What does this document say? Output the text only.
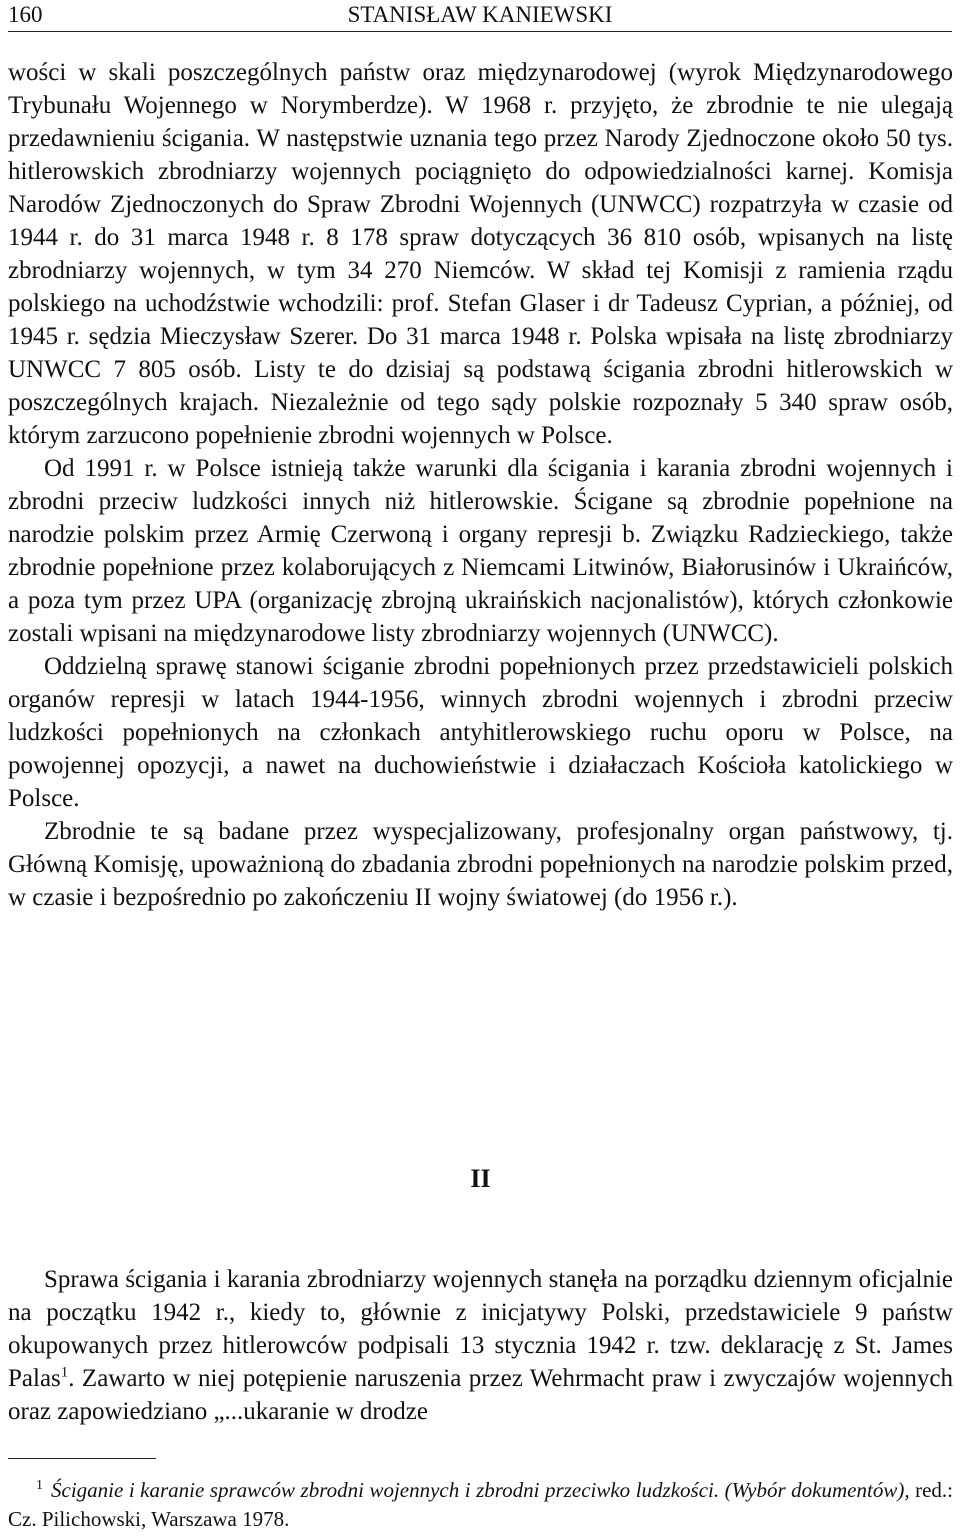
160	STANISŁAW KANIEWSKI

wości w skali poszczególnych państw oraz międzynarodowej (wyrok Międzynarodowego Trybunału Wojennego w Norymberdze). W 1968 r. przyjęto, że zbrodnie te nie ulegają przedawnieniu ścigania. W następstwie uznania tego przez Narody Zjednoczone około 50 tys. hitlerowskich zbrodniarzy wojennych pociągnięto do odpowiedzialności karnej. Komisja Narodów Zjednoczonych do Spraw Zbrodni Wojennych (UNWCC) rozpatrzyła w czasie od 1944 r. do 31 marca 1948 r. 8 178 spraw dotyczących 36 810 osób, wpisanych na listę zbrodniarzy wojennych, w tym 34 270 Niemców. W skład tej Komisji z ramienia rządu polskiego na uchodźstwie wchodzili: prof. Stefan Glaser i dr Tadeusz Cyprian, a później, od 1945 r. sędzia Mieczysław Szerer. Do 31 marca 1948 r. Polska wpisała na listę zbrodniarzy UNWCC 7 805 osób. Listy te do dzisiaj są podstawą ścigania zbrodni hitlerowskich w poszczególnych krajach. Niezależnie od tego sądy polskie rozpoznały 5 340 spraw osób, którym zarzucono popełnienie zbrodni wojennych w Polsce.

Od 1991 r. w Polsce istnieją także warunki dla ścigania i karania zbrodni wojennych i zbrodni przeciw ludzkości innych niż hitlerowskie. Ścigane są zbrodnie popełnione na narodzie polskim przez Armię Czerwoną i organy represji b. Związku Radzieckiego, także zbrodnie popełnione przez kolaborujących z Niemcami Litwinów, Białorusinów i Ukraińców, a poza tym przez UPA (organizację zbrojną ukraińskich nacjonalistów), których członkowie zostali wpisani na międzynarodowe listy zbrodniarzy wojennych (UNWCC).

Oddzielną sprawę stanowi ściganie zbrodni popełnionych przez przedstawicieli polskich organów represji w latach 1944-1956, winnych zbrodni wojennych i zbrodni przeciw ludzkości popełnionych na członkach antyhitlerowskiego ruchu oporu w Polsce, na powojennej opozycji, a nawet na duchowieństwie i działaczach Kościoła katolickiego w Polsce.

Zbrodnie te są badane przez wyspecjalizowany, profesjonalny organ państwowy, tj. Główną Komisję, upoważnioną do zbadania zbrodni popełnionych na narodzie polskim przed, w czasie i bezpośrednio po zakończeniu II wojny światowej (do 1956 r.).

II

Sprawa ścigania i karania zbrodniarzy wojennych stanęła na porządku dziennym oficjalnie na początku 1942 r., kiedy to, głównie z inicjatywy Polski, przedstawiciele 9 państw okupowanych przez hitlerowców podpisali 13 stycznia 1942 r. tzw. deklarację z St. James Palas$^1$. Zawarto w niej potępienie naruszenia przez Wehrmacht praw i zwyczajów wojennych oraz zapowiedziano „...ukaranie w drodze

$^1$ Ściganie i karanie sprawców zbrodni wojennych i zbrodni przeciwko ludzkości. (Wybór dokumentów), red.: Cz. Pilichowski, Warszawa 1978.
